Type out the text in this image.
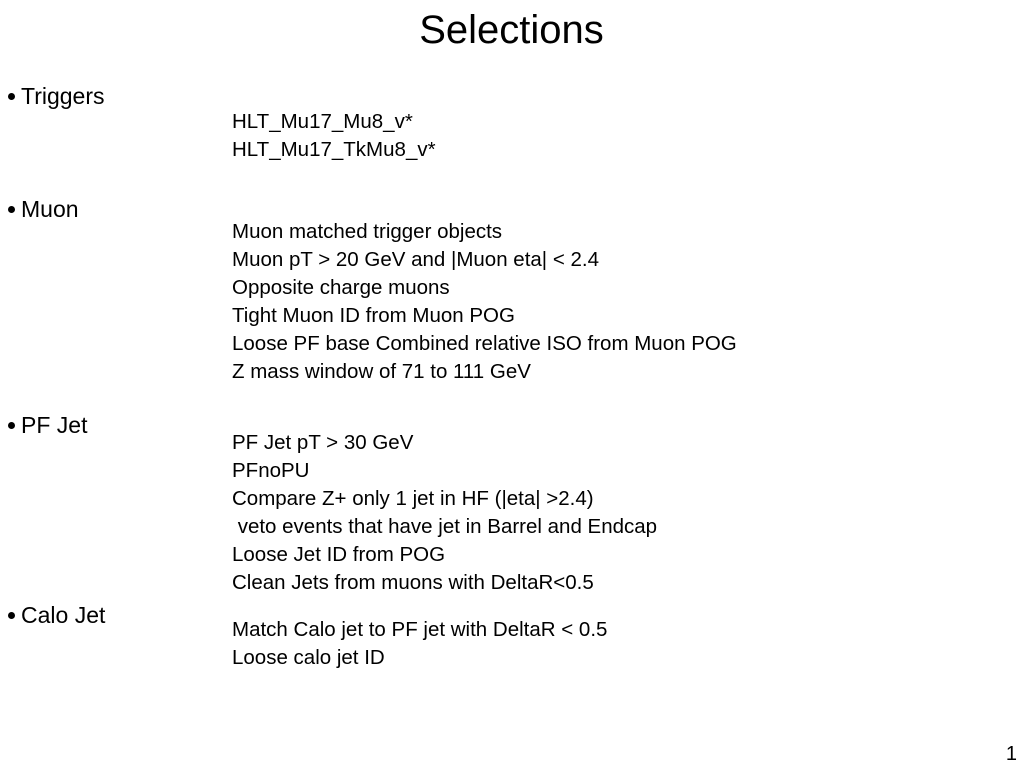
Selections
Triggers
HLT_Mu17_Mu8_v*
HLT_Mu17_TkMu8_v*
Muon
Muon matched trigger objects
Muon pT > 20 GeV and |Muon eta| < 2.4
Opposite charge muons
Tight Muon ID from Muon POG
Loose PF base Combined relative ISO from Muon POG
Z mass window of 71 to 111 GeV
PF Jet
PF Jet pT > 30 GeV
PFnoPU
Compare Z+ only 1 jet in HF (|eta| >2.4)
veto events that have jet in Barrel and Endcap
Loose Jet ID from POG
Clean Jets from muons with DeltaR<0.5
Calo Jet
Match Calo jet to PF jet with DeltaR < 0.5
Loose calo jet ID
1
